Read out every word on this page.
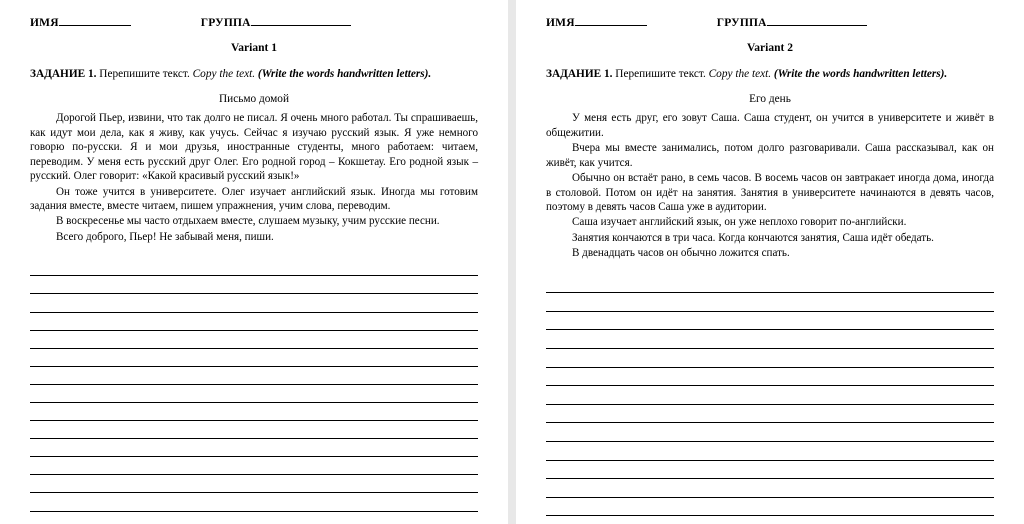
ИМЯ	ГРУППА
Variant 1
ЗАДАНИЕ 1. Перепишите текст. Copy the text. (Write the words handwritten letters).
Письмо домой

Дорогой Пьер, извини, что так долго не писал. Я очень много работал. Ты спрашиваешь, как идут мои дела, как я живу, как учусь. Сейчас я изучаю русский язык. Я уже немного говорю по-русски. Я и мои друзья, иностранные студенты, много работаем: читаем, переводим. У меня есть русский друг Олег. Его родной город – Кокшетау. Его родной язык – русский. Олег говорит: «Какой красивый русский язык!»

Он тоже учится в университете. Олег изучает английский язык. Иногда мы готовим задания вместе, вместе читаем, пишем упражнения, учим слова, переводим.

В воскресенье мы часто отдыхаем вместе, слушаем музыку, учим русские песни.

Всего доброго, Пьер! Не забывай меня, пиши.

ИМЯ	ГРУППА
Variant 2
ЗАДАНИЕ 1. Перепишите текст. Copy the text. (Write the words handwritten letters).
Его день

У меня есть друг, его зовут Саша. Саша студент, он учится в университете и живёт в общежитии.

Вчера мы вместе занимались, потом долго разговаривали. Саша рассказывал, как он живёт, как учится.

Обычно он встаёт рано, в семь часов. В восемь часов он завтракает иногда дома, иногда в столовой. Потом он идёт на занятия. Занятия в университете начинаются в девять часов, поэтому в девять часов Саша уже в аудитории.

Саша изучает английский язык, он уже неплохо говорит по-английски.

Занятия кончаются в три часа. Когда кончаются занятия, Саша идёт обедать.

В двенадцать часов он обычно ложится спать.
